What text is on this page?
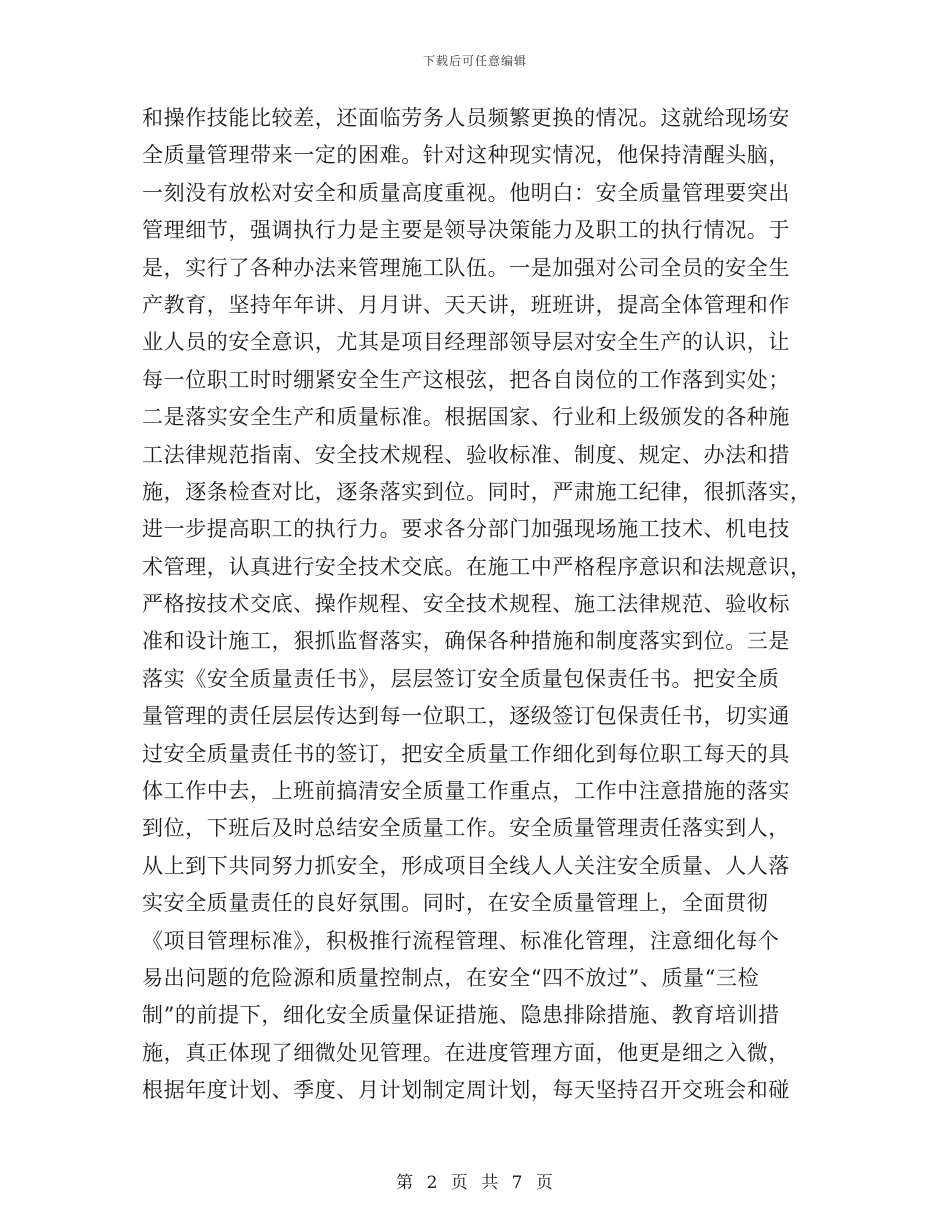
下载后可任意编辑
和操作技能比较差，还面临劳务人员频繁更换的情况。这就给现场安
全质量管理带来一定的困难。针对这种现实情况，他保持清醒头脑，
一刻没有放松对安全和质量高度重视。他明白：安全质量管理要突出
管理细节，强调执行力是主要是领导决策能力及职工的执行情况。于
是，实行了各种办法来管理施工队伍。一是加强对公司全员的安全生
产教育，坚持年年讲、月月讲、天天讲，班班讲，提高全体管理和作
业人员的安全意识，尤其是项目经理部领导层对安全生产的认识，让
每一位职工时时绷紧安全生产这根弦，把各自岗位的工作落到实处；
二是落实安全生产和质量标准。根据国家、行业和上级颁发的各种施
工法律规范指南、安全技术规程、验收标准、制度、规定、办法和措
施，逐条检查对比，逐条落实到位。同时，严肃施工纪律，很抓落实，
进一步提高职工的执行力。要求各分部门加强现场施工技术、机电技
术管理，认真进行安全技术交底。在施工中严格程序意识和法规意识，
严格按技术交底、操作规程、安全技术规程、施工法律规范、验收标
准和设计施工，狠抓监督落实，确保各种措施和制度落实到位。三是
落实《安全质量责任书》，层层签订安全质量包保责任书。把安全质
量管理的责任层层传达到每一位职工，逐级签订包保责任书，切实通
过安全质量责任书的签订，把安全质量工作细化到每位职工每天的具
体工作中去，上班前搞清安全质量工作重点，工作中注意措施的落实
到位，下班后及时总结安全质量工作。安全质量管理责任落实到人，
从上到下共同努力抓安全，形成项目全线人人关注安全质量、人人落
实安全质量责任的良好氛围。同时，在安全质量管理上，全面贯彻
《项目管理标准》，积极推行流程管理、标准化管理，注意细化每个
易出问题的危险源和质量控制点，在安全“四不放过”、质量“三检
制”的前提下，细化安全质量保证措施、隐患排除措施、教育培训措
施，真正体现了细微处见管理。在进度管理方面，他更是细之入微，
根据年度计划、季度、月计划制定周计划，每天坚持召开交班会和碰
第 2 页 共 7 页
